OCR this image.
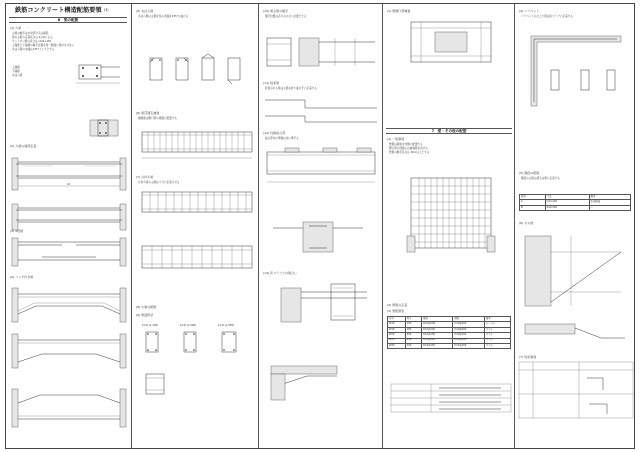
鉄筋コンクリート構造配筋要領 (3)
6　梁の配筋
(1) 大梁
主筋の継手は中央部分又は端部
梁の主筋の定着長さは 2.(4)による
カットオフ筋の長さは L0/4+15d
上端筋と下端筋の継手位置を同一断面に集中させない
あばら筋の末端は135°フックとする
上端筋
下端筋
あばら筋
(2) 大梁の端部定着
L0
(3) 2段筋
(4) ハンチ付き梁
(5) あばら筋
あばら筋は主筋を包み末端を135°に曲げる
(6) 梁貫通孔補強
補強筋は開口部の周囲に配置する
(7) 片持ち梁
片持ち梁の主筋は十分に定着させる
(8) 小梁の配筋
(9) 断面形状
b×D (1-150)	b×D (1-200)	b×D (1-250)
(10) 梁主筋の継手
継手位置は応力の小さい位置とする
(11) 段差梁
段差のある梁は主筋を折り曲げずに定着する
(12) 柱梁接合部
接合部内の帯筋は柱に準ずる
(13) 床スラブとの取合い
(1) 壁開口部補強
7　壁・その他の配筋
(1) 一般事項
壁筋は縦筋を内側に配置する
開口部の周囲には補強筋を設ける
壁筋の継手長さは 40d 以上とする
(2) 壁筋の定着
(3) 壁配筋表
符号	厚さ	縦筋	横筋	備考
W15	150	D10@200	D10@200	シングル
W18	180	D10@200	D10@200	ダブル
W20	200	D10@150	D10@150	ダブル
W25	250	D13@200	D13@200	ダブル
W30	300	D13@150	D13@150	ダブル
(4) パラペット
パラペットの立上り筋は床スラブに定着する
(5) 階段の配筋
階段の主筋は梁又は壁に定着する
種別	寸法	備考
A	D13-200	先端補強
B	D10-200	—
(6) その他
(7) 特記事項
